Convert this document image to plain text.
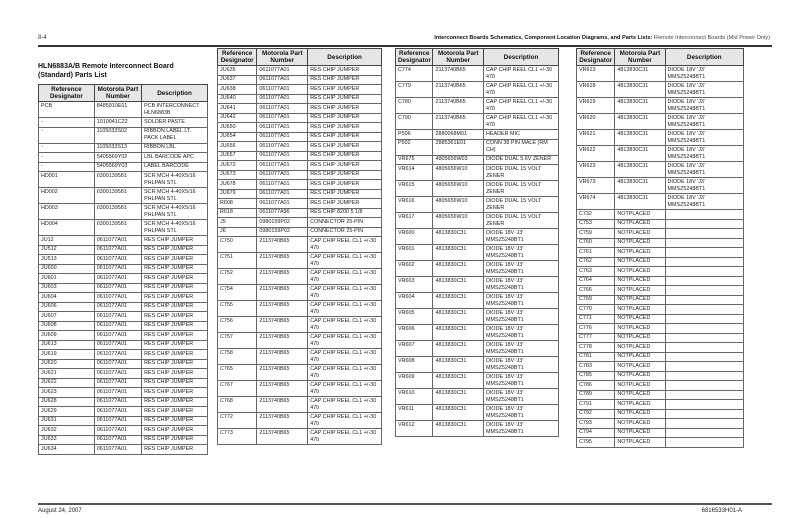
8-4	Interconnect Boards Schematics, Component Location Diagrams, and Parts Lists: Remote Interconnect Boards (Mid Power Only)
HLN6883A/B Remote Interconnect Board (Standard) Parts List
Reference Designator	Motorola Part Number	Description
PCB	8485910E01	PCB INTERCONNECT HLN6883B
-	1010041C22	SOLDER PASTE
-	1105033S02	RIBBON LABEL LT. PACK LABEL
-	1105033S13	RIBBON LBL
-	5405569Y02	LBL BARCODE APC
-	5405569Y03	LABEL BARCODE
HD001	0300139581	SCR MCH 4-40X5/16 PHLPAN STL
HD002	0300139581	SCR MCH 4-40X5/16 PHLPAN STL
HD003	0300139581	SCR MCH 4-40X5/16 PHLPAN STL
HD004	0300139581	SCR MCH 4-40X5/16 PHLPAN STL
JU12	0611077A01	RES CHIP JUMPER
JU512	0611077A01	RES CHIP JUMPER
JU513	0611077A01	RES CHIP JUMPER
JU600	0611077A01	RES CHIP JUMPER
JU601	0611077A01	RES CHIP JUMPER
JU603	0611077A01	RES CHIP JUMPER
JU604	0611077A01	RES CHIP JUMPER
JU606	0611077A01	RES CHIP JUMPER
JU607	0611077A01	RES CHIP JUMPER
JU608	0611077A01	RES CHIP JUMPER
JU609	0611077A01	RES CHIP JUMPER
JU613	0611077A01	RES CHIP JUMPER
JU619	0611077A01	RES CHIP JUMPER
JU620	0611077A01	RES CHIP JUMPER
JU621	0611077A01	RES CHIP JUMPER
JU622	0611077A01	RES CHIP JUMPER
JU623	0611077A01	RES CHIP JUMPER
JU628	0611077A01	RES CHIP JUMPER
JU629	0611077A01	RES CHIP JUMPER
JU631	0611077A01	RES CHIP JUMPER
JU632	0611077A01	RES CHIP JUMPER
JU633	0611077A01	RES CHIP JUMPER
JU634	0611077A01	RES CHIP JUMPER
Reference Designator	Motorola Part Number	Description
JU635	0611077A01	RES CHIP JUMPER
JU637	0611077A01	RES CHIP JUMPER
JU638	0611077A01	RES CHIP JUMPER
JU640	0611077A01	RES CHIP JUMPER
JU641	0611077A01	RES CHIP JUMPER
JU642	0611077A01	RES CHIP JUMPER
JU650	0611077A01	RES CHIP JUMPER
JU654	0611077A01	RES CHIP JUMPER
JU656	0611077A01	RES CHIP JUMPER
JU657	0611077A01	RES CHIP JUMPER
JU672	0611077A01	RES CHIP JUMPER
JU673	0611077A01	RES CHIP JUMPER
JU678	0611077A01	RES CHIP JUMPER
JU679	0611077A01	RES CHIP JUMPER
R608	0611077A01	RES CHIP JUMPER
R618	0611077A96	RES CHIP 8200 5 1/8
J5	0980159P02	CONNECTOR 25-PIN
J6	0980159P02	CONNECTOR 25-PIN
C750	2113740B65	CAP CHIP REEL CL1 +/-30 470
C751	2113740B65	CAP CHIP REEL CL1 +/-30 470
C752	2113740B65	CAP CHIP REEL CL1 +/-30 470
C754	2113740B65	CAP CHIP REEL CL1 +/-30 470
C755	2113740B65	CAP CHIP REEL CL1 +/-30 470
C756	2113740B65	CAP CHIP REEL CL1 +/-30 470
C757	2113740B65	CAP CHIP REEL CL1 +/-30 470
C758	2113740B65	CAP CHIP REEL CL1 +/-30 470
C765	2113740B65	CAP CHIP REEL CL1 +/-30 470
C767	2113740B65	CAP CHIP REEL CL1 +/-30 470
C768	2113740B65	CAP CHIP REEL CL1 +/-30 470
C772	2113740B65	CAP CHIP REEL CL1 +/-30 470
C773	2113740B65	CAP CHIP REEL CL1 +/-30 470
Reference Designator	Motorola Part Number	Description
C774	2113740B65	CAP CHIP REEL CL1 +/-30 470
C779	2113740B65	CAP CHIP REEL CL1 +/-30 470
C780	2113740B65	CAP CHIP REEL CL1 +/-30 470
C790	2113740B65	CAP CHIP REEL CL1 +/-30 470
P506	2880068M01	HEADER MIC
P502	2885361E01	CONN 38 PIN MALE (RM CH)
VR675	4805656W03	DIODE DUAL 5.6V ZENER
VR614	4805656W10	DIODE DUAL 15 VOLT ZENER
VR615	4805656W10	DIODE DUAL 15 VOLT ZENER
VR616	4805656W10	DIODE DUAL 15 VOLT ZENER
VR617	4805656W10	DIODE DUAL 15 VOLT ZENER
VR600	4813830C31	DIODE 18V 'J3' MMSZ5248BT1
VR601	4813830C31	DIODE 18V 'J3' MMSZ5248BT1
VR602	4813830C31	DIODE 18V 'J3' MMSZ5248BT1
VR603	4813830C31	DIODE 18V 'J3' MMSZ5248BT1
VR604	4813830C31	DIODE 18V 'J3' MMSZ5248BT1
VR605	4813830C31	DIODE 18V 'J3' MMSZ5248BT1
VR606	4813830C31	DIODE 18V 'J3' MMSZ5248BT1
VR607	4813830C31	DIODE 18V 'J3' MMSZ5248BT1
VR608	4813830C31	DIODE 18V 'J3' MMSZ5248BT1
VR609	4813830C31	DIODE 18V 'J3' MMSZ5248BT1
VR610	4813830C31	DIODE 18V 'J3' MMSZ5248BT1
VR611	4813830C31	DIODE 18V 'J3' MMSZ5248BT1
VR612	4813830C31	DIODE 18V 'J3' MMSZ5248BT1
Reference Designator	Motorola Part Number	Description
VR613	4813830C31	DIODE 18V 'J3' MMSZ5248BT1
VR618	4813830C31	DIODE 18V 'J3' MMSZ5248BT1
VR619	4813830C31	DIODE 18V 'J3' MMSZ5248BT1
VR620	4813830C31	DIODE 18V 'J3' MMSZ5248BT1
VR621	4813830C31	DIODE 18V 'J3' MMSZ5248BT1
VR622	4813830C31	DIODE 18V 'J3' MMSZ5248BT1
VR623	4813830C31	DIODE 18V 'J3' MMSZ5248BT1
VR673	4813830C31	DIODE 18V 'J3' MMSZ5248BT1
VR674	4813830C31	DIODE 18V 'J3' MMSZ5248BT1
C732	NOTPLACED	
C753	NOTPLACED	
C759	NOTPLACED	
C760	NOTPLACED	
C761	NOTPLACED	
C762	NOTPLACED	
C763	NOTPLACED	
C764	NOTPLACED	
C766	NOTPLACED	
C769	NOTPLACED	
C770	NOTPLACED	
C771	NOTPLACED	
C776	NOTPLACED	
C777	NOTPLACED	
C778	NOTPLACED	
C781	NOTPLACED	
C783	NOTPLACED	
C785	NOTPLACED	
C786	NOTPLACED	
C789	NOTPLACED	
C791	NOTPLACED	
C792	NOTPLACED	
C793	NOTPLACED	
C794	NOTPLACED	
C795	NOTPLACED	
August 24, 2007	6816533H01-A
